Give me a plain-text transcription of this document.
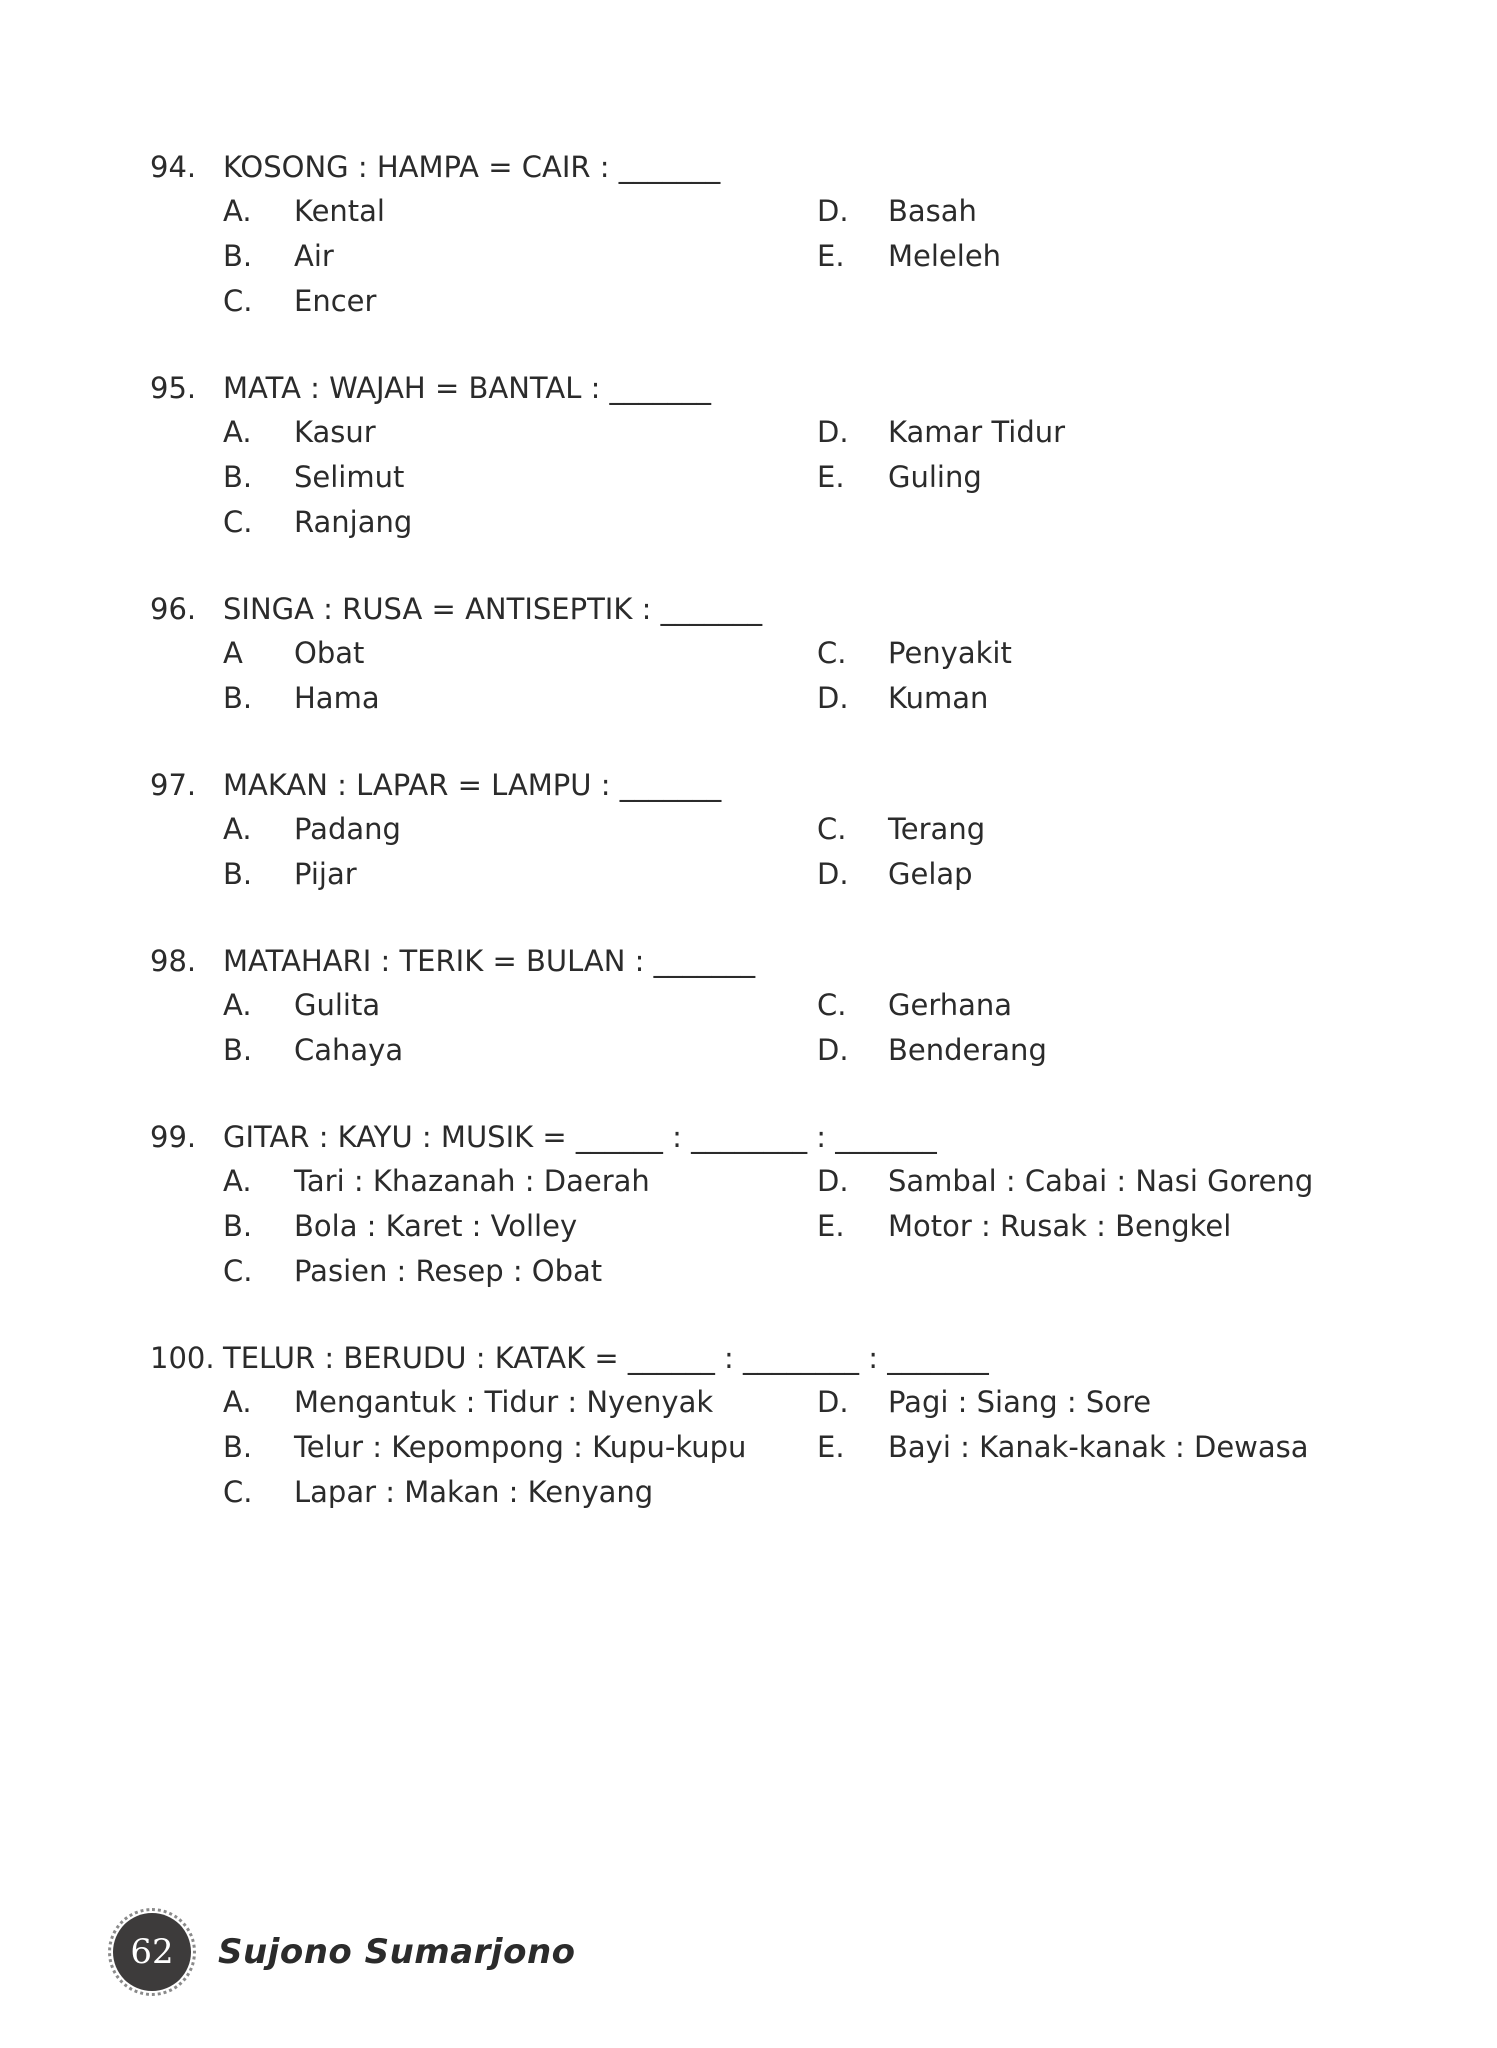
94. KOSONG : HAMPA = CAIR : _______
A.	Kental
B.	Air
C.	Encer
D.	Basah
E.	Meleleh
95. MATA : WAJAH = BANTAL : _______
A.	Kasur
B.	Selimut
C.	Ranjang
D.	Kamar Tidur
E.	Guling
96. SINGA : RUSA = ANTISEPTIK : _______
A	Obat
B.	Hama
C.	Penyakit
D.	Kuman
97. MAKAN : LAPAR = LAMPU : _______
A.	Padang
B.	Pijar
C.	Terang
D.	Gelap
98. MATAHARI : TERIK = BULAN : _______
A.	Gulita
B.	Cahaya
C.	Gerhana
D.	Benderang
99. GITAR : KAYU : MUSIK = ______ : ________ : _______
A.	Tari : Khazanah : Daerah
B.	Bola : Karet : Volley
C.	Pasien : Resep : Obat
D.	Sambal : Cabai : Nasi Goreng
E.	Motor : Rusak : Bengkel
100. TELUR : BERUDU : KATAK = ______ : ________ : _______
A.	Mengantuk : Tidur : Nyenyak
B.	Telur : Kepompong : Kupu-kupu
C.	Lapar : Makan : Kenyang
D.	Pagi : Siang : Sore
E.	Bayi : Kanak-kanak : Dewasa
62 Sujono Sumarjono
